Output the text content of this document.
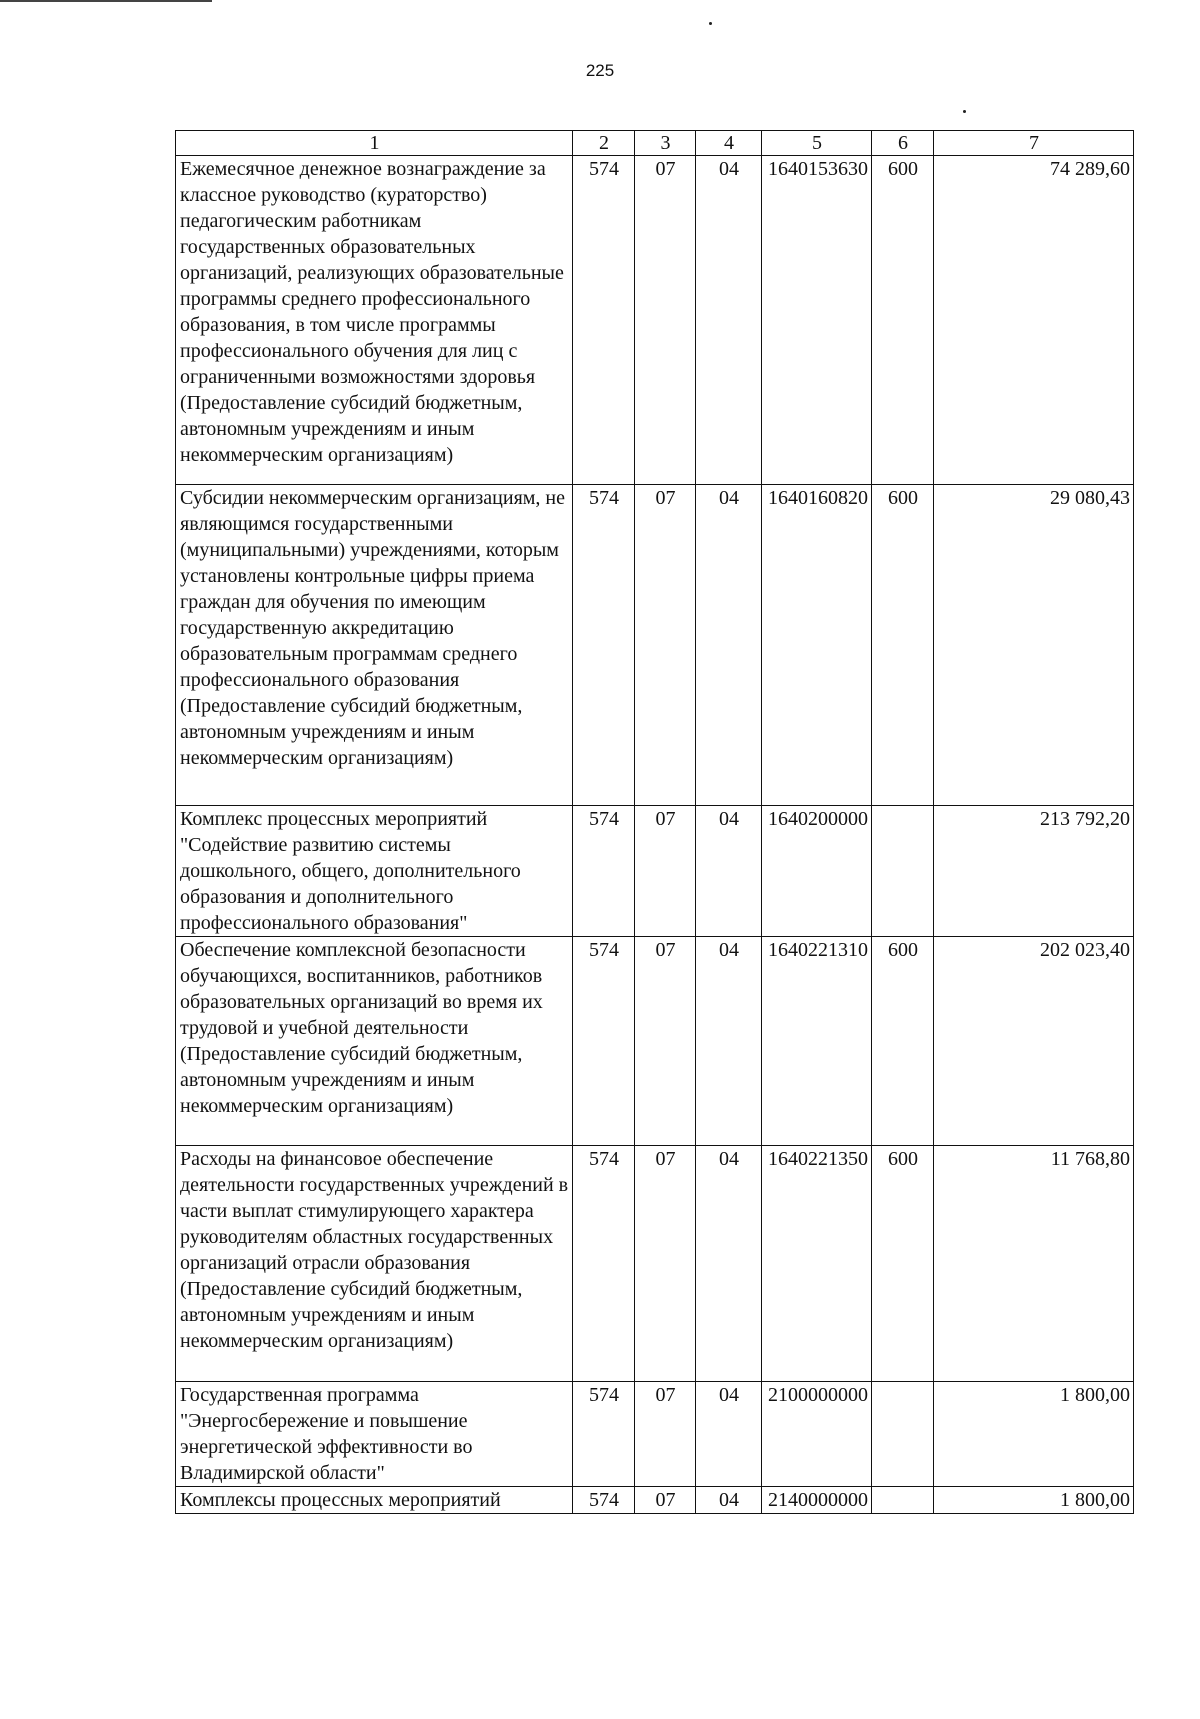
225
1	2	3	4	5	6	7
Ежемесячное денежное вознаграждение за классное руководство (кураторство) педагогическим работникам государственных образовательных организаций, реализующих образовательные программы среднего профессионального образования, в том числе программы профессионального обучения для лиц с ограниченными возможностями здоровья (Предоставление субсидий бюджетным, автономным учреждениям и иным некоммерческим организациям)	574	07	04	1640153630	600	74 289,60
Субсидии некоммерческим организациям, не являющимся государственными (муниципальными) учреждениями, которым установлены контрольные цифры приема граждан для обучения по имеющим государственную аккредитацию образовательным программам среднего профессионального образования (Предоставление субсидий бюджетным, автономным учреждениям и иным некоммерческим организациям)	574	07	04	1640160820	600	29 080,43
Комплекс процессных мероприятий "Содействие развитию системы дошкольного, общего, дополнительного образования и дополнительного профессионального образования"	574	07	04	1640200000		213 792,20
Обеспечение комплексной безопасности обучающихся, воспитанников, работников образовательных организаций во время их трудовой и учебной деятельности (Предоставление субсидий бюджетным, автономным учреждениям и иным некоммерческим организациям)	574	07	04	1640221310	600	202 023,40
Расходы на финансовое обеспечение деятельности государственных учреждений в части выплат стимулирующего характера руководителям областных государственных организаций отрасли образования (Предоставление субсидий бюджетным, автономным учреждениям и иным некоммерческим организациям)	574	07	04	1640221350	600	11 768,80
Государственная программа "Энергосбережение и повышение энергетической эффективности во Владимирской области"	574	07	04	2100000000		1 800,00
Комплексы процессных мероприятий	574	07	04	2140000000		1 800,00
